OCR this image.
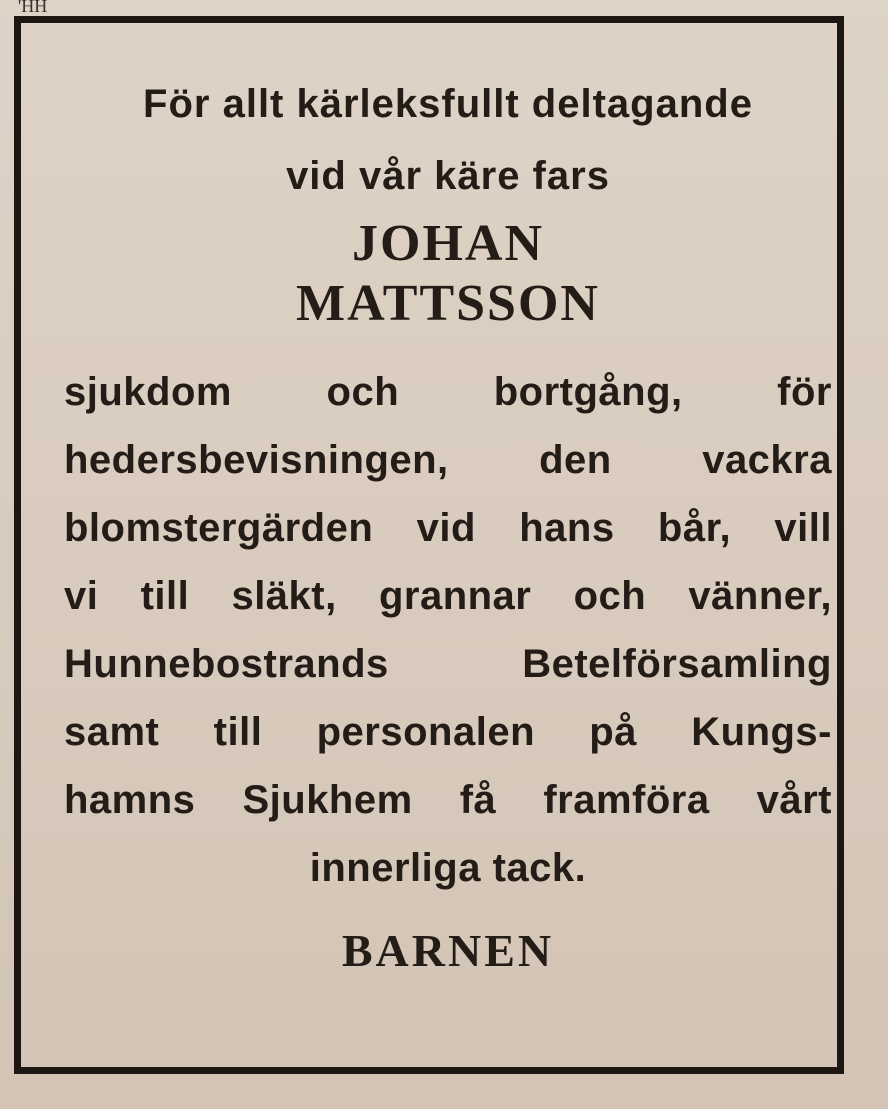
'HH
För allt kärleksfullt deltagande
vid vår käre fars
JOHAN
MATTSSON
sjukdom och bortgång, för
hedersbevisningen, den vackra
blomstergärden vid hans bår, vill
vi till släkt, grannar och vänner,
Hunnebostrands Betelförsamling
samt till personalen på Kungs-
hamns Sjukhem få framföra vårt
innerliga tack.
BARNEN
